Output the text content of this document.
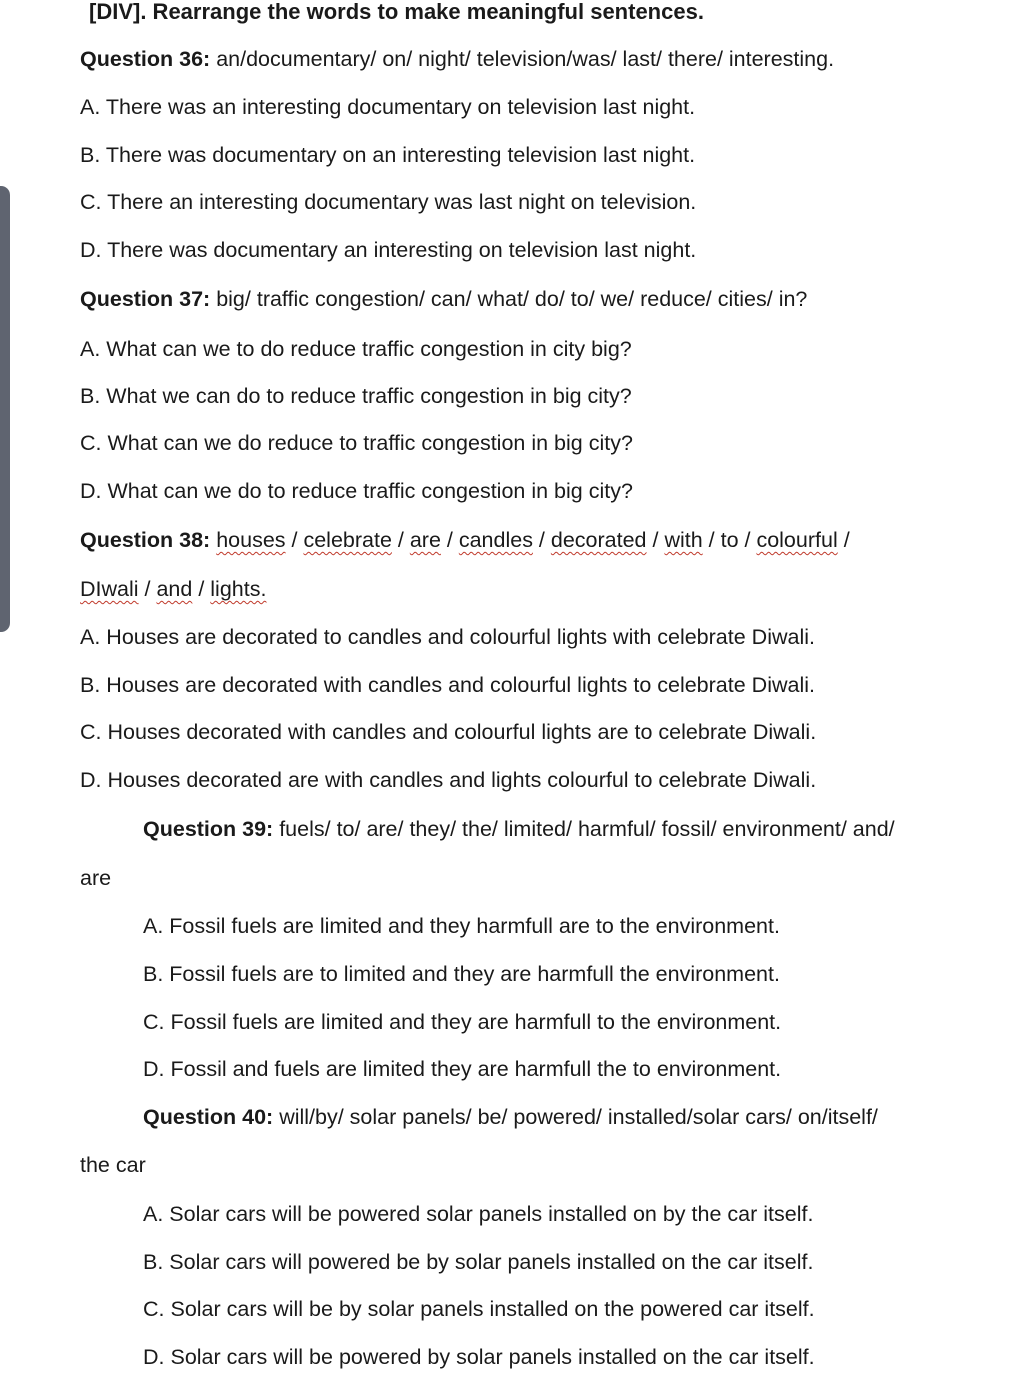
[DIV]. Rearrange the words to make meaningful sentences.
Question 36: an/documentary/ on/ night/ television/was/ last/ there/ interesting.
A. There was an interesting documentary on television last night.
B. There was documentary on an interesting television last night.
C. There an interesting documentary was last night on television.
D. There was documentary an interesting on television last night.
Question 37: big/ traffic congestion/ can/ what/ do/ to/ we/ reduce/ cities/ in?
A. What can we to do reduce traffic congestion in city big?
B. What we can do to reduce traffic congestion in big city?
C. What can we do reduce to traffic congestion in big city?
D. What can we do to reduce traffic congestion in big city?
Question 38: houses / celebrate / are / candles / decorated / with / to / colourful /
DIwali / and / lights.
A. Houses are decorated to candles and colourful lights with celebrate Diwali.
B. Houses are decorated with candles and colourful lights to celebrate Diwali.
C. Houses decorated with candles and colourful lights are to celebrate Diwali.
D. Houses decorated are with candles and lights colourful to celebrate Diwali.
Question 39: fuels/ to/ are/ they/ the/ limited/ harmful/ fossil/ environment/ and/
are
A. Fossil fuels are limited and they harmfull are to the environment.
B. Fossil fuels are to limited and they are harmfull the environment.
C. Fossil fuels are limited and they are harmfull to the environment.
D. Fossil and fuels are limited they are harmfull the to environment.
Question 40: will/by/ solar panels/ be/ powered/ installed/solar cars/ on/itself/
the car
A. Solar cars will be powered solar panels installed on by the car itself.
B. Solar cars will powered be by solar panels installed on the car itself.
C. Solar cars will be by solar panels installed on the powered car itself.
D. Solar cars will be powered by solar panels installed on the car itself.
